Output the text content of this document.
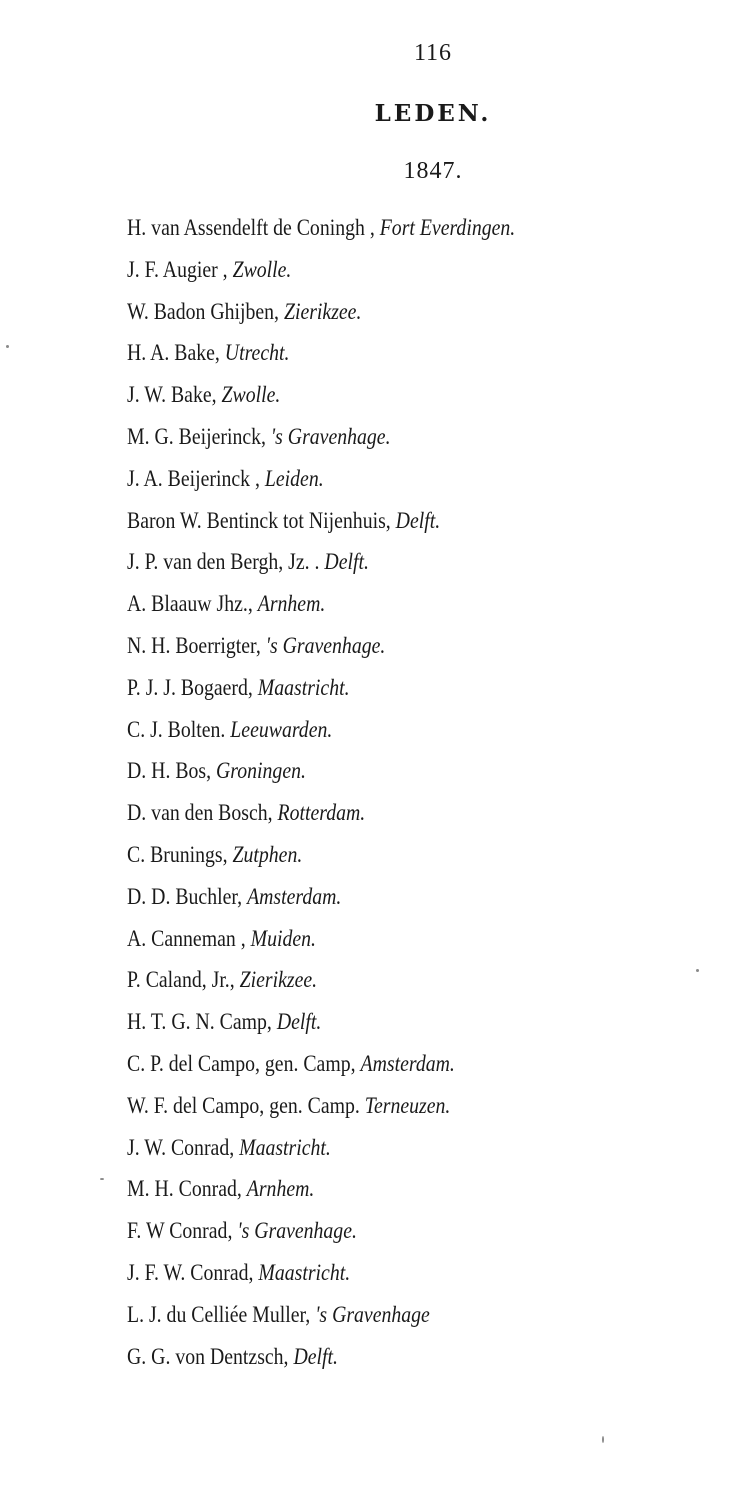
116
LEDEN.
1847.
H. van Assendelft de Coningh , Fort Everdingen.
J. F. Augier , Zwolle.
W. Badon Ghijben, Zierikzee.
H. A. Bake, Utrecht.
J. W. Bake, Zwolle.
M. G. Beijerinck, 's Gravenhage.
J. A. Beijerinck , Leiden.
Baron W. Bentinck tot Nijenhuis, Delft.
J. P. van den Bergh, Jz. . Delft.
A. Blaauw Jhz., Arnhem.
N. H. Boerrigter, 's Gravenhage.
P. J. J. Bogaerd, Maastricht.
C. J. Bolten. Leeuwarden.
D. H. Bos, Groningen.
D. van den Bosch, Rotterdam.
C. Brunings, Zutphen.
D. D. Buchler, Amsterdam.
A. Canneman , Muiden.
P. Caland, Jr., Zierikzee.
H. T. G. N. Camp, Delft.
C. P. del Campo, gen. Camp, Amsterdam.
W. F. del Campo, gen. Camp. Terneuzen.
J. W. Conrad, Maastricht.
M. H. Conrad, Arnhem.
F. W Conrad, 's Gravenhage.
J. F. W. Conrad, Maastricht.
L. J. du Celliée Muller, 's Gravenhage
G. G. von Dentzsch, Delft.
